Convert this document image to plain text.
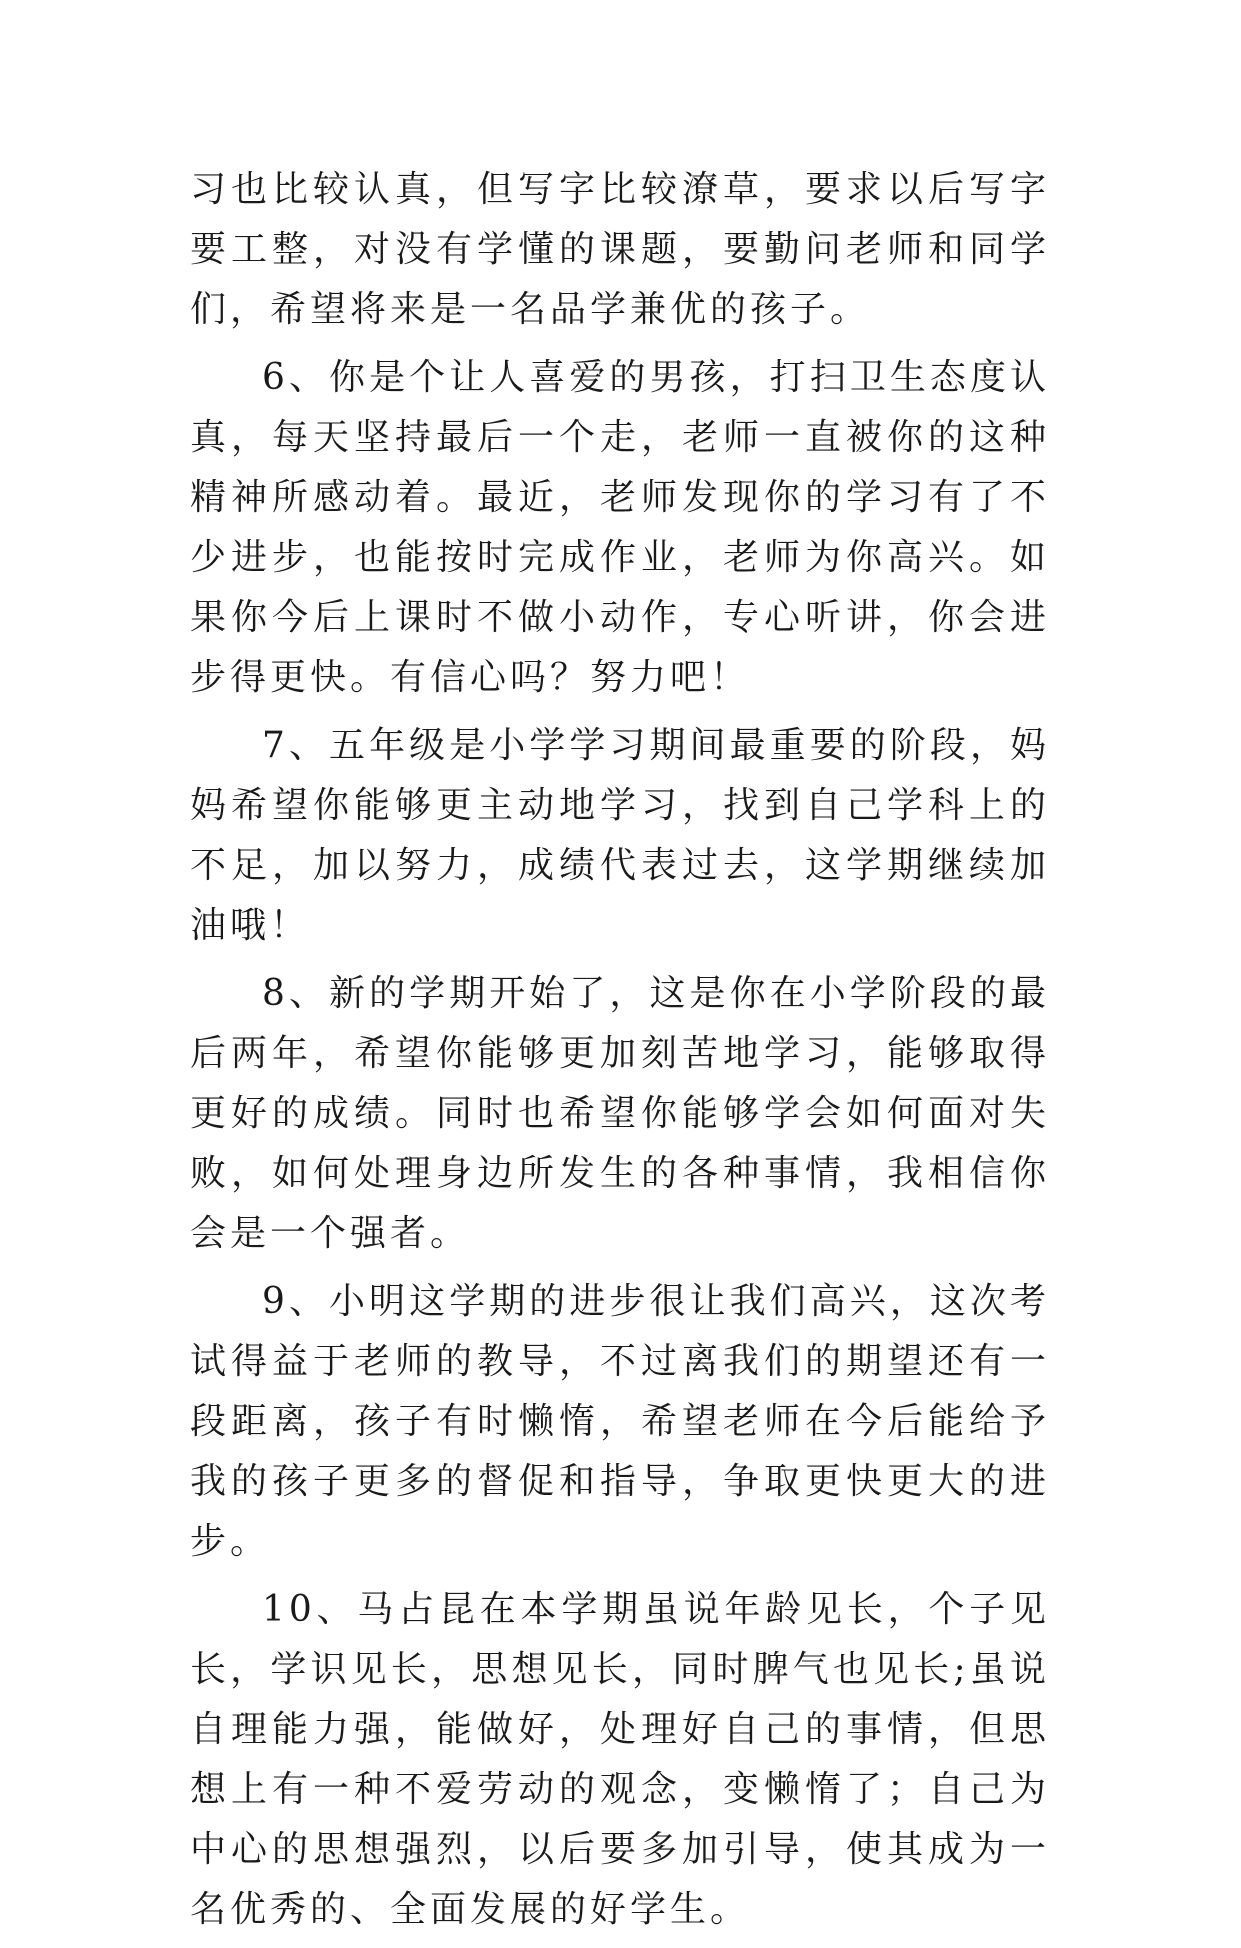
习也比较认真，但写字比较潦草，要求以后写字要工整，对没有学懂的课题，要勤问老师和同学们，希望将来是一名品学兼优的孩子。

6、你是个让人喜爱的男孩，打扫卫生态度认真，每天坚持最后一个走，老师一直被你的这种精神所感动着。最近，老师发现你的学习有了不少进步，也能按时完成作业，老师为你高兴。如果你今后上课时不做小动作，专心听讲，你会进步得更快。有信心吗？努力吧！

7、五年级是小学学习期间最重要的阶段，妈妈希望你能够更主动地学习，找到自己学科上的不足，加以努力，成绩代表过去，这学期继续加油哦！

8、新的学期开始了，这是你在小学阶段的最后两年，希望你能够更加刻苦地学习，能够取得更好的成绩。同时也希望你能够学会如何面对失败，如何处理身边所发生的各种事情，我相信你会是一个强者。

9、小明这学期的进步很让我们高兴，这次考试得益于老师的教导，不过离我们的期望还有一段距离，孩子有时懒惰，希望老师在今后能给予我的孩子更多的督促和指导，争取更快更大的进步。

10、马占昆在本学期虽说年龄见长，个子见长，学识见长，思想见长，同时脾气也见长;虽说自理能力强，能做好，处理好自己的事情，但思想上有一种不爱劳动的观念，变懒惰了；自己为中心的思想强烈，以后要多加引导，使其成为一名优秀的、全面发展的好学生。
